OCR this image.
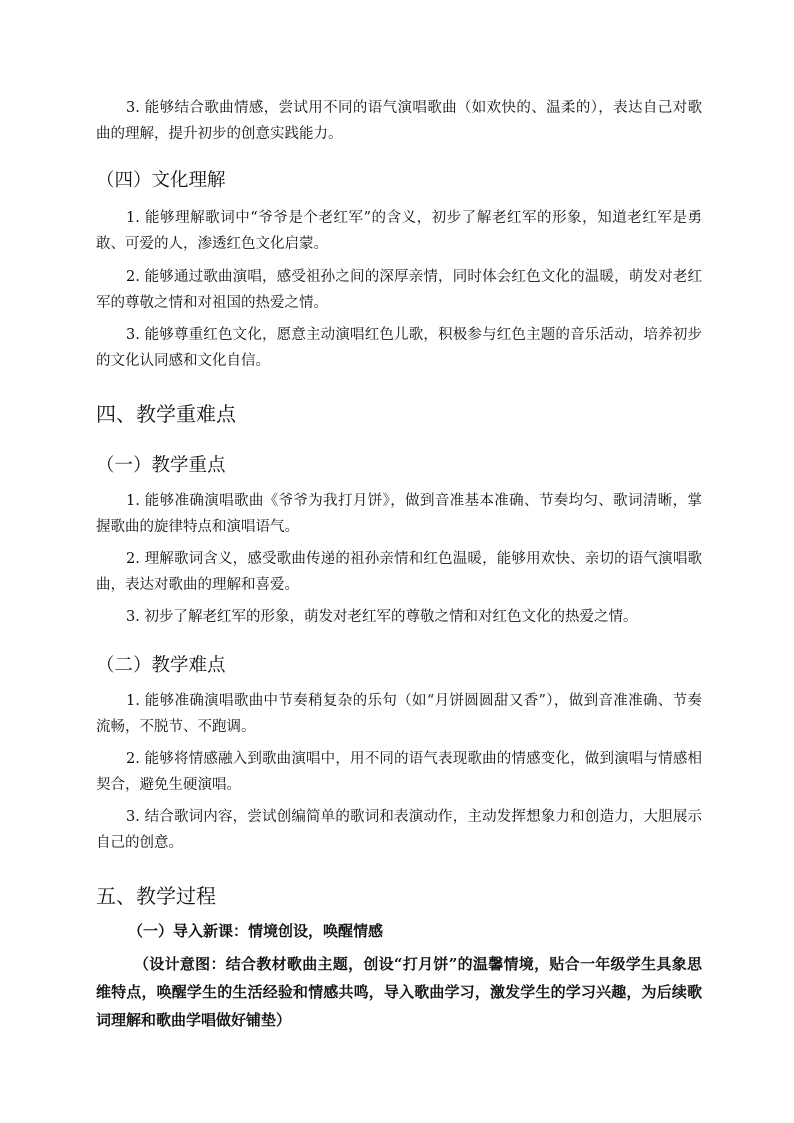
3. 能够结合歌曲情感，尝试用不同的语气演唱歌曲（如欢快的、温柔的），表达自己对歌曲的理解，提升初步的创意实践能力。

（四）文化理解

1. 能够理解歌词中“爷爷是个老红军”的含义，初步了解老红军的形象，知道老红军是勇敢、可爱的人，渗透红色文化启蒙。

2. 能够通过歌曲演唱，感受祖孙之间的深厚亲情，同时体会红色文化的温暖，萌发对老红军的尊敬之情和对祖国的热爱之情。

3. 能够尊重红色文化，愿意主动演唱红色儿歌，积极参与红色主题的音乐活动，培养初步的文化认同感和文化自信。

四、教学重难点
（一）教学重点

1. 能够准确演唱歌曲《爷爷为我打月饼》，做到音准基本准确、节奏均匀、歌词清晰，掌握歌曲的旋律特点和演唱语气。

2. 理解歌词含义，感受歌曲传递的祖孙亲情和红色温暖，能够用欢快、亲切的语气演唱歌曲，表达对歌曲的理解和喜爱。

3. 初步了解老红军的形象，萌发对老红军的尊敬之情和对红色文化的热爱之情。

（二）教学难点

1. 能够准确演唱歌曲中节奏稍复杂的乐句（如“月饼圆圆甜又香”），做到音准准确、节奏流畅，不脱节、不跑调。

2. 能够将情感融入到歌曲演唱中，用不同的语气表现歌曲的情感变化，做到演唱与情感相契合，避免生硬演唱。

3. 结合歌词内容，尝试创编简单的歌词和表演动作，主动发挥想象力和创造力，大胆展示自己的创意。

五、教学过程
（一）导入新课：情境创设，唤醒情感

（设计意图：结合教材歌曲主题，创设“打月饼”的温馨情境，贴合一年级学生具象思维特点，唤醒学生的生活经验和情感共鸣，导入歌曲学习，激发学生的学习兴趣，为后续歌词理解和歌曲学唱做好铺垫）
